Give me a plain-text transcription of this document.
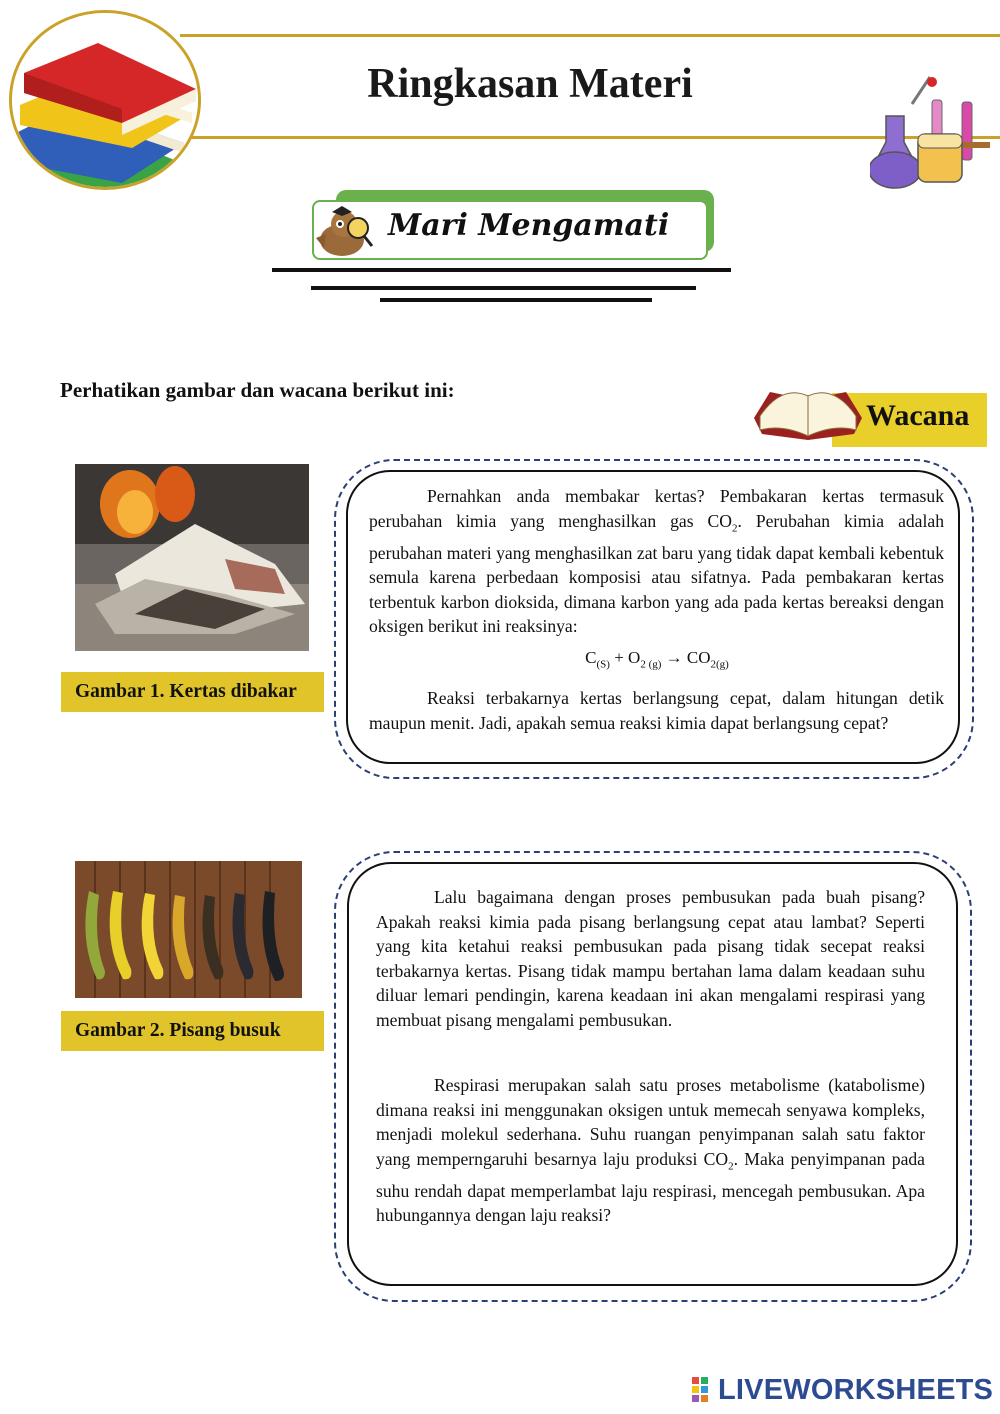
Ringkasan Materi
Mari Mengamati
Perhatikan gambar dan wacana berikut ini:
Wacana
Gambar 1. Kertas dibakar
Pernahkan anda membakar kertas? Pembakaran kertas termasuk perubahan kimia yang menghasilkan gas $CO_2$. Perubahan kimia adalah perubahan materi yang menghasilkan zat baru yang tidak dapat kembali kebentuk semula karena perbedaan komposisi atau sifatnya. Pada pembakaran kertas terbentuk karbon dioksida, dimana karbon yang ada pada kertas bereaksi dengan oksigen berikut ini reaksinya:
$C_{(S)} + O_2$ $_{(g)} \to CO_{2(g)}$
Reaksi terbakarnya kertas berlangsung cepat, dalam hitungan detik maupun menit. Jadi, apakah semua reaksi kimia dapat berlangsung cepat?
Gambar 2. Pisang busuk
Lalu bagaimana dengan proses pembusukan pada buah pisang? Apakah reaksi kimia pada pisang berlangsung cepat atau lambat? Seperti yang kita ketahui reaksi pembusukan pada pisang tidak secepat reaksi terbakarnya kertas. Pisang tidak mampu bertahan lama dalam keadaan suhu diluar lemari pendingin, karena keadaan ini akan mengalami respirasi yang membuat pisang mengalami pembusukan.
Respirasi merupakan salah satu proses metabolisme (katabolisme) dimana reaksi ini menggunakan oksigen untuk memecah senyawa kompleks, menjadi molekul sederhana. Suhu ruangan penyimpanan salah satu faktor yang memperngaruhi besarnya laju produksi $CO_2$. Maka penyimpanan pada suhu rendah dapat memperlambat laju respirasi, mencegah pembusukan. Apa hubungannya dengan laju reaksi?
LIVEWORKSHEETS
